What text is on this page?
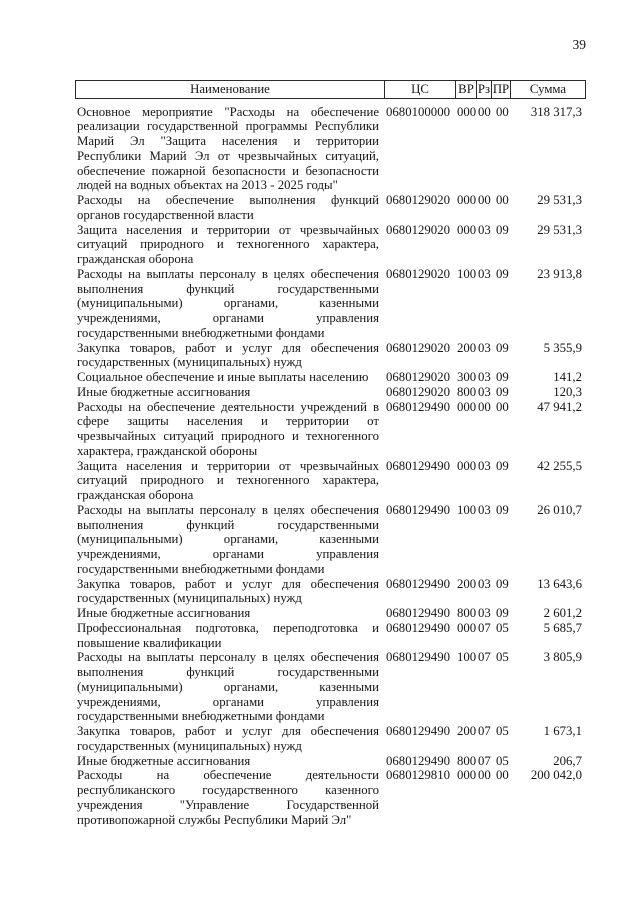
39
Наименование	ЦС	ВР Рз ПР	Сумма
Основное мероприятие "Расходы на обеспечение
реализации государственной программы Республики
Марий Эл "Защита населения и территории
Республики Марий Эл от чрезвычайных ситуаций,
обеспечение пожарной безопасности и безопасности
людей на водных объектах на 2013 - 2025 годы"
0680100000 000 00 00	318 317,3
Расходы на обеспечение выполнения функций
органов государственной власти
0680129020 000 00 00	29 531,3
Защита населения и территории от чрезвычайных
ситуаций природного и техногенного характера,
гражданская оборона
0680129020 000 03 09	29 531,3
Расходы на выплаты персоналу в целях обеспечения
выполнения функций государственными
(муниципальными) органами, казенными
учреждениями, органами управления
государственными внебюджетными фондами
0680129020 100 03 09	23 913,8
Закупка товаров, работ и услуг для обеспечения
государственных (муниципальных) нужд
0680129020 200 03 09	5 355,9
Социальное обеспечение и иные выплаты населению	0680129020 300 03 09	141,2
Иные бюджетные ассигнования	0680129020 800 03 09	120,3
Расходы на обеспечение деятельности учреждений в
сфере защиты населения и территории от
чрезвычайных ситуаций природного и техногенного
характера, гражданской обороны
0680129490 000 00 00	47 941,2
Защита населения и территории от чрезвычайных
ситуаций природного и техногенного характера,
гражданская оборона
0680129490 000 03 09	42 255,5
Расходы на выплаты персоналу в целях обеспечения
выполнения функций государственными
(муниципальными) органами, казенными
учреждениями, органами управления
государственными внебюджетными фондами
0680129490 100 03 09	26 010,7
Закупка товаров, работ и услуг для обеспечения
государственных (муниципальных) нужд
0680129490 200 03 09	13 643,6
Иные бюджетные ассигнования	0680129490 800 03 09	2 601,2
Профессиональная подготовка, переподготовка и
повышение квалификации
0680129490 000 07 05	5 685,7
Расходы на выплаты персоналу в целях обеспечения
выполнения функций государственными
(муниципальными) органами, казенными
учреждениями, органами управления
государственными внебюджетными фондами
0680129490 100 07 05	3 805,9
Закупка товаров, работ и услуг для обеспечения
государственных (муниципальных) нужд
0680129490 200 07 05	1 673,1
Иные бюджетные ассигнования	0680129490 800 07 05	206,7
Расходы на обеспечение деятельности
республиканского государственного казенного
учреждения "Управление Государственной
противопожарной службы Республики Марий Эл"
0680129810 000 00 00	200 042,0
